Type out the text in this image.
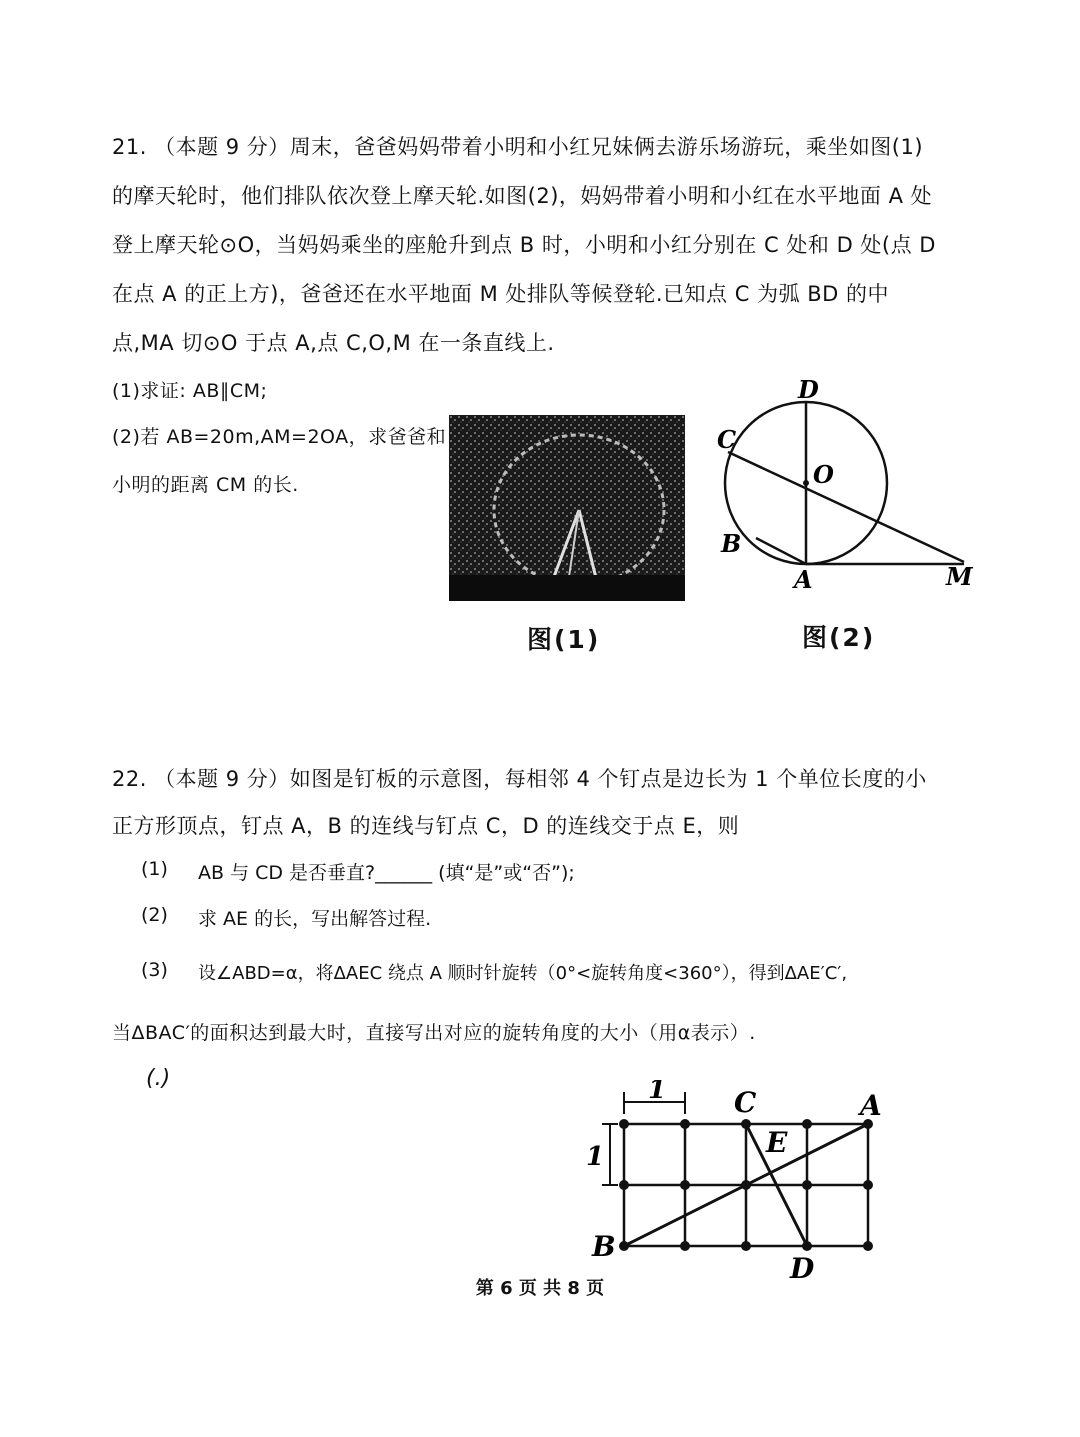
21. （本题 9 分）周末，爸爸妈妈带着小明和小红兄妹俩去游乐场游玩，乘坐如图(1)
的摩天轮时，他们排队依次登上摩天轮.如图(2)，妈妈带着小明和小红在水平地面 A 处
登上摩天轮⊙O，当妈妈乘坐的座舱升到点 B 时，小明和小红分别在 C 处和 D 处(点 D
在点 A 的正上方)，爸爸还在水平地面 M 处排队等候登轮.已知点 C 为弧 BD 的中
点,MA 切⊙O 于点 A,点 C,O,M 在一条直线上.
(1)求证: AB∥CM;
(2)若 AB=20m,AM=2OA，求爸爸和
小明的距离 CM 的长.
图(1)
D
C
O
B
A	M
图(2)
22. （本题 9 分）如图是钉板的示意图，每相邻 4 个钉点是边长为 1 个单位长度的小
正方形顶点，钉点 A，B 的连线与钉点 C，D 的连线交于点 E，则
(1) AB 与 CD 是否垂直?______ (填“是”或“否”);
(2) 求 AE 的长，写出解答过程.
(3) 设∠ABD=α，将ΔAEC 绕点 A 顺时针旋转（0°<旋转角度<360°），得到ΔAE′C′,
当ΔBAC′的面积达到最大时，直接写出对应的旋转角度的大小（用α表示）.
(.)	1
1
C	A
E
B
D
第 6 页 共 8 页
